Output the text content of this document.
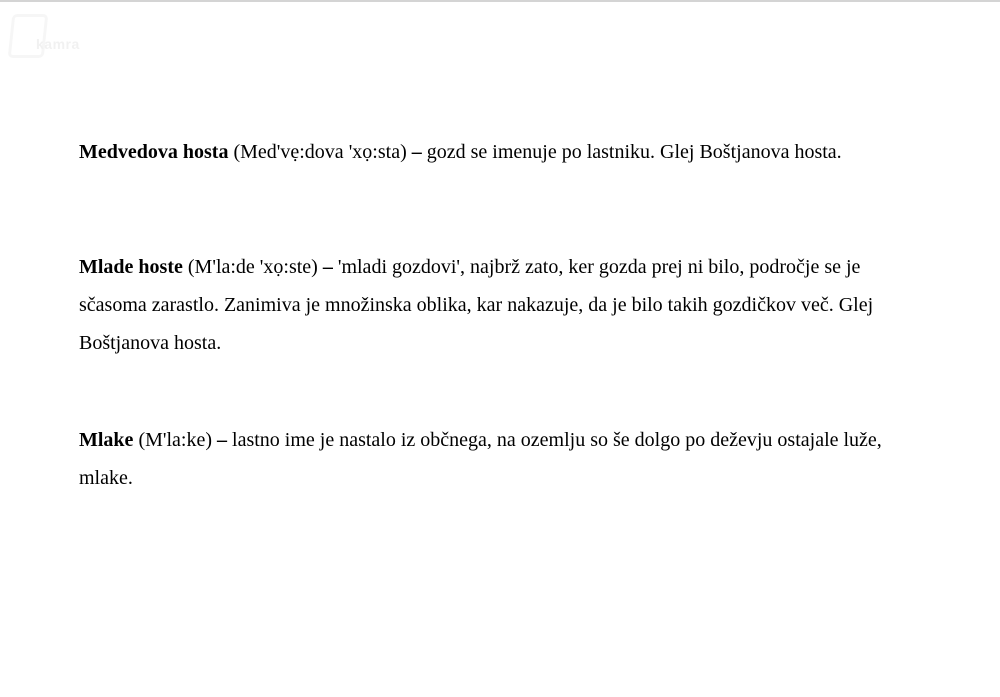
kamra

Medvedova hosta (Med'vẹ:dova 'xọ:sta) – gozd se imenuje po lastniku. Glej Boštjanova hosta.

Mlade hoste (M'la:de 'xọ:ste) – 'mladi gozdovi', najbrž zato, ker gozda prej ni bilo, področje se je sčasoma zarastlo. Zanimiva je množinska oblika, kar nakazuje, da je bilo takih gozdičkov več. Glej Boštjanova hosta.

Mlake (M'la:ke) – lastno ime je nastalo iz občnega, na ozemlju so še dolgo po deževju ostajale luže, mlake.
